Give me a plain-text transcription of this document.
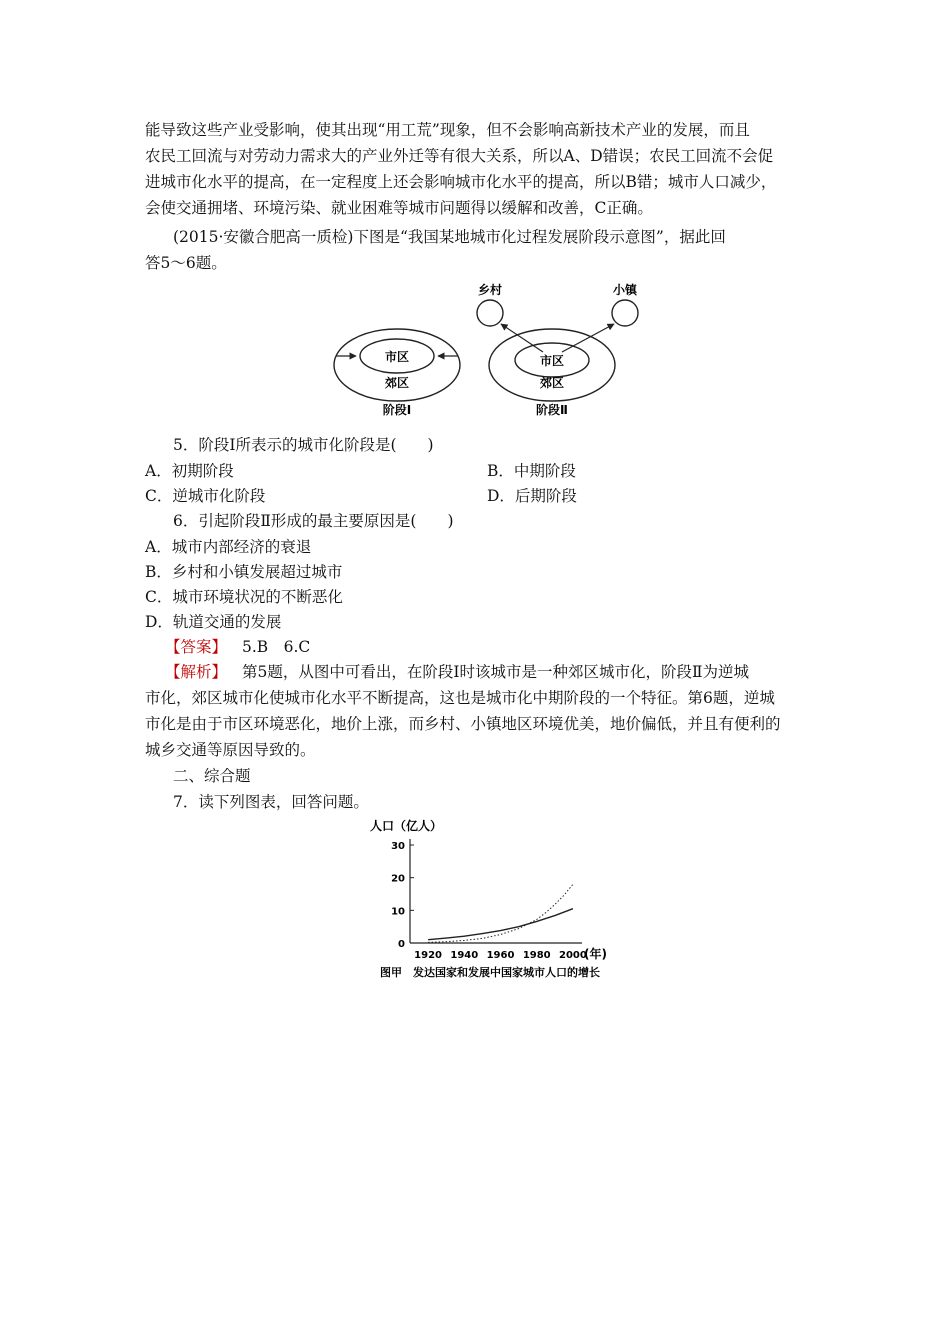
能导致这些产业受影响，使其出现“用工荒”现象，但不会影响高新技术产业的发展，而且
农民工回流与对劳动力需求大的产业外迁等有很大关系，所以A、D错误；农民工回流不会促
进城市化水平的提高，在一定程度上还会影响城市化水平的提高，所以B错；城市人口减少，
会使交通拥堵、环境污染、就业困难等城市问题得以缓解和改善，C正确。
(2015·安徽合肥高一质检)下图是“我国某地城市化过程发展阶段示意图”，据此回
答5～6题。
市区
郊区
阶段Ⅰ
乡村	小镇
市区
郊区
阶段Ⅱ
5．阶段Ⅰ所表示的城市化阶段是(　　)
A．初期阶段	B．中期阶段
C．逆城市化阶段	D．后期阶段
6．引起阶段Ⅱ形成的最主要原因是(　　)
A．城市内部经济的衰退
B．乡村和小镇发展超过城市
C．城市环境状况的不断恶化
D．轨道交通的发展
【答案】 5.B　6.C
【解析】 第5题，从图中可看出，在阶段Ⅰ时该城市是一种郊区城市化，阶段Ⅱ为逆城
市化，郊区城市化使城市化水平不断提高，这也是城市化中期阶段的一个特征。第6题，逆城
市化是由于市区环境恶化，地价上涨，而乡村、小镇地区环境优美，地价偏低，并且有便利的
城乡交通等原因导致的。
二、综合题
7．读下列图表，回答问题。
人口（亿人）
(年)
1920 1940 1960 1980 2000
0
10
20
30
图甲　发达国家和发展中国家城市人口的增长
